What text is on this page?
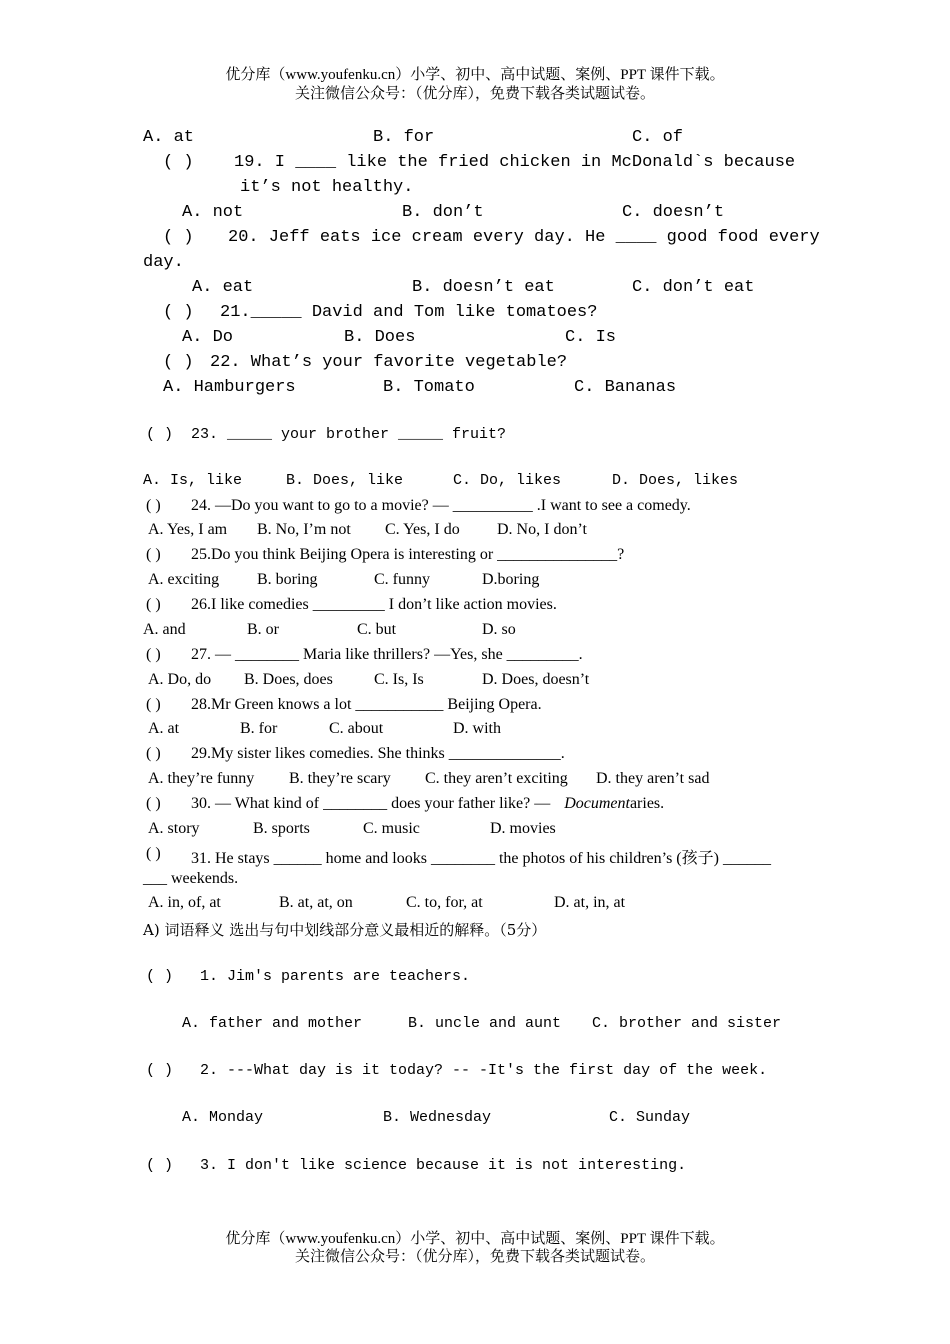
优分库（www.youfenku.cn）小学、初中、高中试题、案例、PPT 课件下载。
关注微信公众号：（优分库），免费下载各类试题试卷。
A. at	B. for	C. of
( ) 19. I ____ like the fried chicken in McDonald`s because
it’s not healthy.
A. not	B. don’t	C. doesn’t
( ) 20. Jeff eats ice cream every day. He ____ good food every
day.
A. eat	B. doesn’t eat	C. don’t eat
( ) 21._____ David and Tom like tomatoes?
A. Do	B. Does	C. Is
( ) 22. What’s your favorite vegetable?
A. Hamburgers	B. Tomato	C. Bananas
( ) 23. _____ your brother _____ fruit?
A. Is, like	B. Does, like	C. Do, likes	D. Does, likes
( ) 24. —Do you want to go to a movie? — __________ .I want to see a comedy.
A. Yes, I am B. No, I’m not C. Yes, I do D. No, I don’t
( ) 25.Do you think Beijing Opera is interesting or _______________?
A. exciting B. boring	C. funny	D.boring
( ) 26.I like comedies _________ I don’t like action movies.
A. and	B. or	C. but	D. so
( ) 27. — ________ Maria like thrillers? —Yes, she _________.
A. Do, do B. Does, does	C. Is, Is	D. Does, doesn’t
( ) 28.Mr Green knows a lot ___________ Beijing Opera.
A. at	B. for	C. about	D. with
( ) 29.My sister likes comedies. She thinks ______________.
A. they’re funny B. they’re scary C. they aren’t exciting D. they aren’t sad
( ) 30. — What kind of ________ does your father like? — Documentaries.
A. story	B. sports	C. music	D. movies
( ) 31. He stays ______ home and looks ________ the photos of his children’s (孩子) ______
___ weekends.
A. in, of, at	B. at, at, on	C. to, for, at	D. at, in, at
A) 词语释义 选出与句中划线部分意义最相近的解释。（5分）
( ) 1. Jim's parents are teachers.
A. father and mother	B. uncle and aunt C. brother and sister
( ) 2. ---What day is it today? -- -It's the first day of the week.
A. Monday	B. Wednesday	C. Sunday
( ) 3. I don't like science because it is not interesting.
优分库（www.youfenku.cn）小学、初中、高中试题、案例、PPT 课件下载。
关注微信公众号：（优分库），免费下载各类试题试卷。
